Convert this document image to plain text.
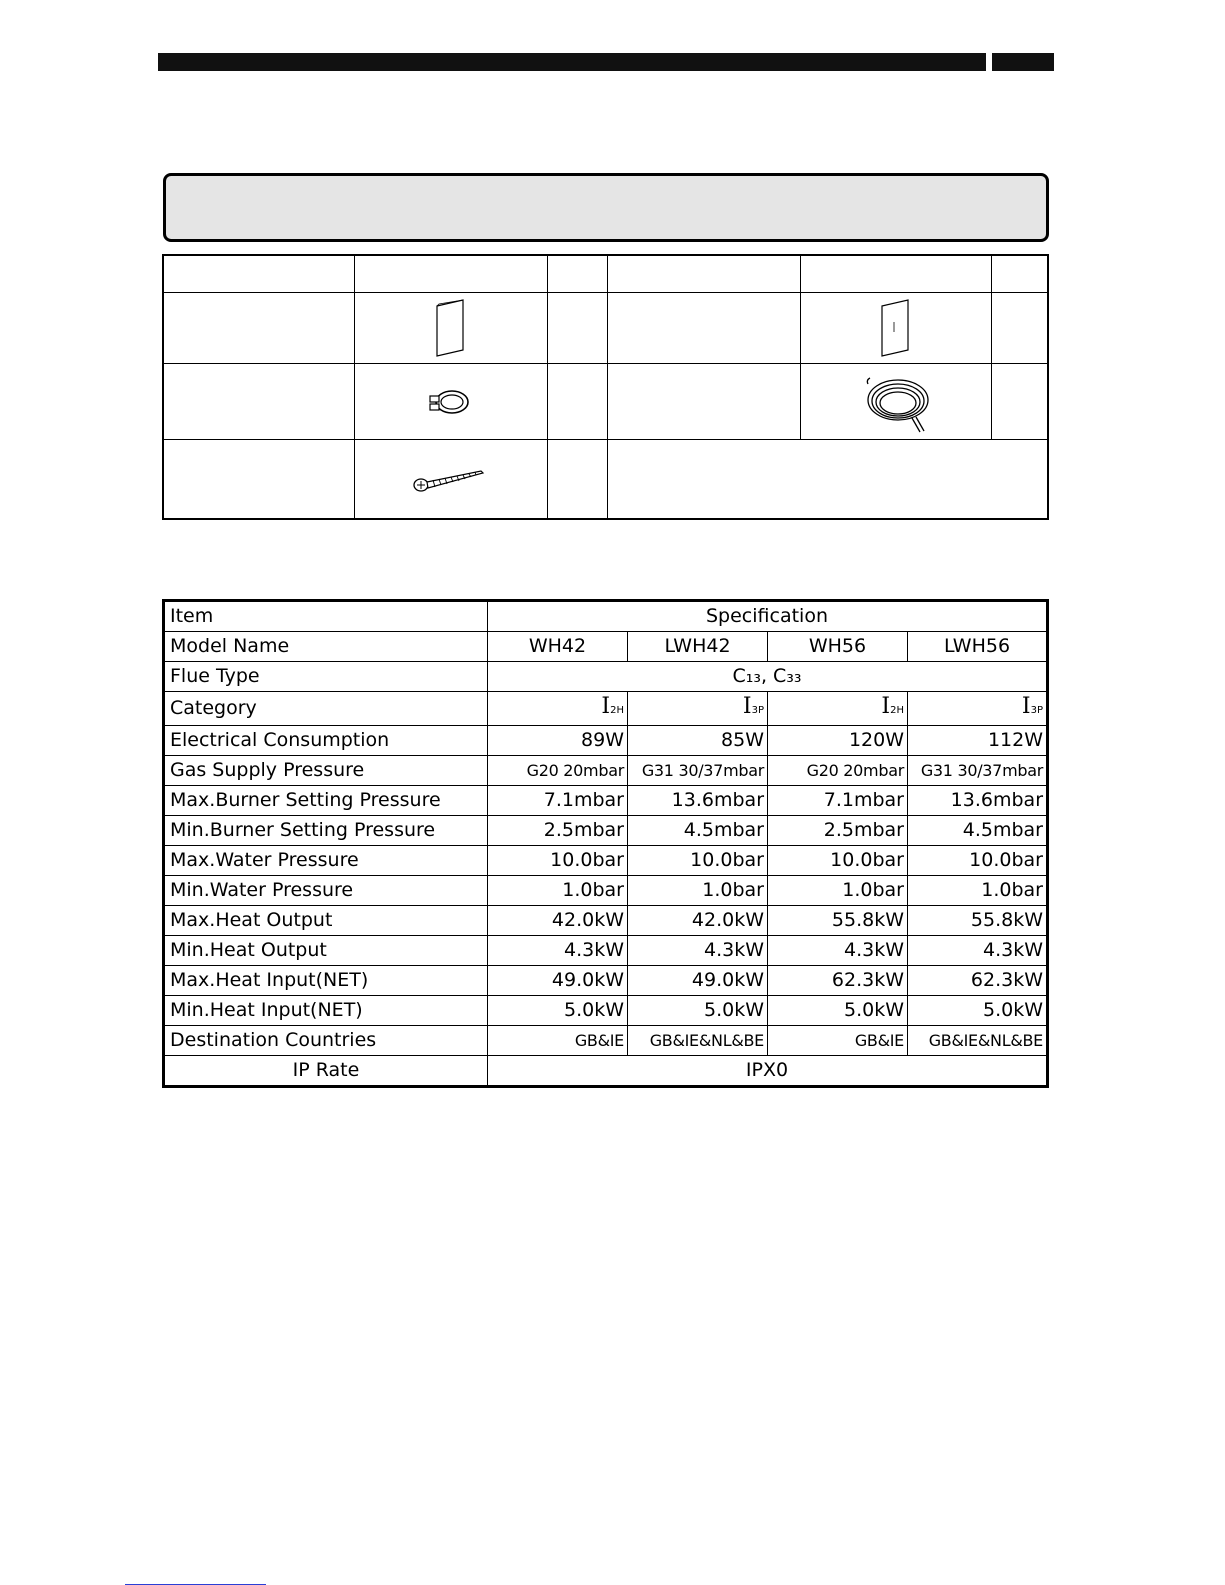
Item	Specification			
Model Name	WH42	LWH42	WH56	LWH56
Flue Type	C₁₃, C₃₃			
Category	I2H	I3P	I2H	I3P
Electrical Consumption	89W	85W	120W	112W
Gas Supply Pressure	G20 20mbar	G31 30/37mbar	G20 20mbar	G31 30/37mbar
Max.Burner Setting Pressure	7.1mbar	13.6mbar	7.1mbar	13.6mbar
Min.Burner Setting Pressure	2.5mbar	4.5mbar	2.5mbar	4.5mbar
Max.Water Pressure	10.0bar	10.0bar	10.0bar	10.0bar
Min.Water Pressure	1.0bar	1.0bar	1.0bar	1.0bar
Max.Heat Output	42.0kW	42.0kW	55.8kW	55.8kW
Min.Heat Output	4.3kW	4.3kW	4.3kW	4.3kW
Max.Heat Input(NET)	49.0kW	49.0kW	62.3kW	62.3kW
Min.Heat Input(NET)	5.0kW	5.0kW	5.0kW	5.0kW
Destination Countries	GB&IE	GB&IE&NL&BE	GB&IE	GB&IE&NL&BE
IP Rate	IPX0			
